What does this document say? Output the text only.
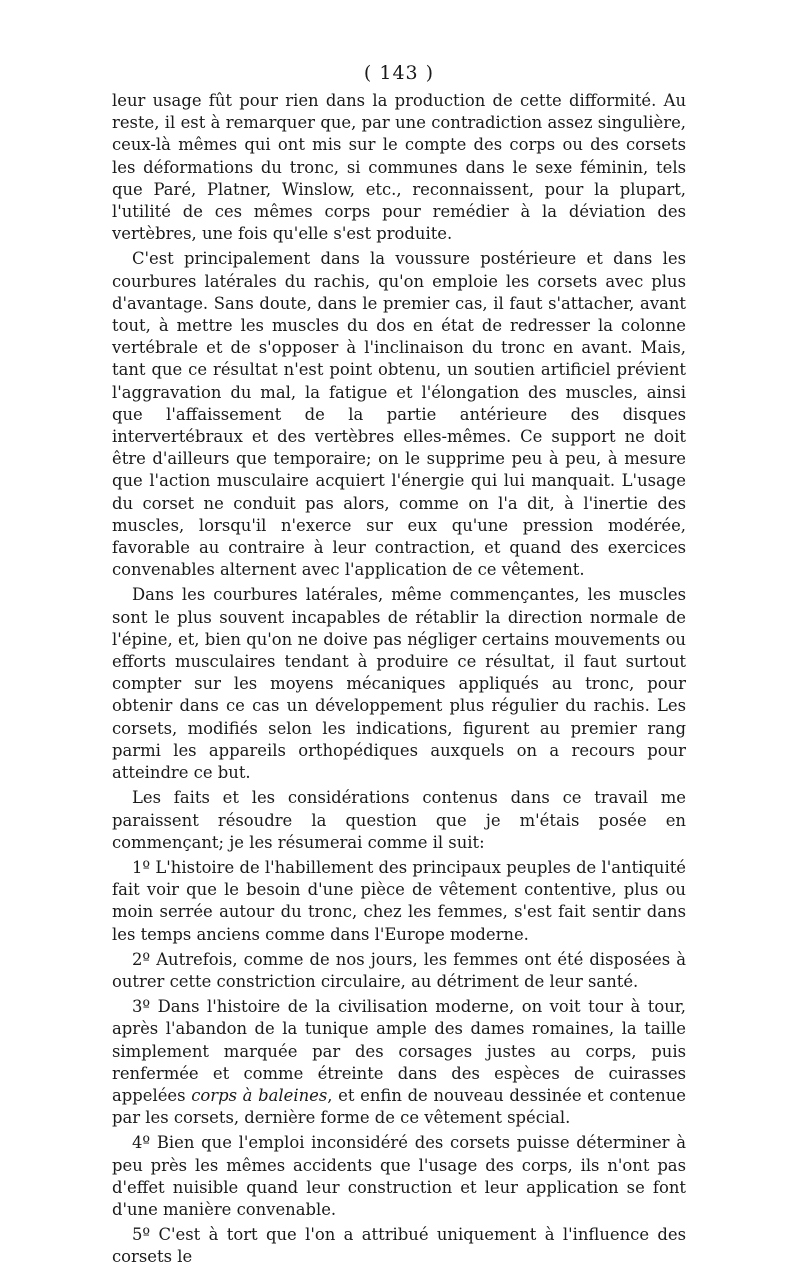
( 143 )

leur usage fût pour rien dans la production de cette difformité. Au reste, il est à remarquer que, par une contradiction assez singulière, ceux-là mêmes qui ont mis sur le compte des corps ou des corsets les déformations du tronc, si communes dans le sexe féminin, tels que Paré, Platner, Winslow, etc., reconnaissent, pour la plupart, l'utilité de ces mêmes corps pour remédier à la déviation des vertèbres, une fois qu'elle s'est produite.

C'est principalement dans la voussure postérieure et dans les courbures latérales du rachis, qu'on emploie les corsets avec plus d'avantage. Sans doute, dans le premier cas, il faut s'attacher, avant tout, à mettre les muscles du dos en état de redresser la colonne vertébrale et de s'opposer à l'inclinaison du tronc en avant. Mais, tant que ce résultat n'est point obtenu, un soutien artificiel prévient l'aggravation du mal, la fatigue et l'élongation des muscles, ainsi que l'affaissement de la partie antérieure des disques intervertébraux et des vertèbres elles-mêmes. Ce support ne doit être d'ailleurs que temporaire; on le supprime peu à peu, à mesure que l'action musculaire acquiert l'énergie qui lui manquait. L'usage du corset ne conduit pas alors, comme on l'a dit, à l'inertie des muscles, lorsqu'il n'exerce sur eux qu'une pression modérée, favorable au contraire à leur contraction, et quand des exercices convenables alternent avec l'application de ce vêtement.

Dans les courbures latérales, même commençantes, les muscles sont le plus souvent incapables de rétablir la direction normale de l'épine, et, bien qu'on ne doive pas négliger certains mouvements ou efforts musculaires tendant à produire ce résultat, il faut surtout compter sur les moyens mécaniques appliqués au tronc, pour obtenir dans ce cas un développement plus régulier du rachis. Les corsets, modifiés selon les indications, figurent au premier rang parmi les appareils orthopédiques auxquels on a recours pour atteindre ce but.

Les faits et les considérations contenus dans ce travail me paraissent résoudre la question que je m'étais posée en commençant; je les résumerai comme il suit:

1º L'histoire de l'habillement des principaux peuples de l'antiquité fait voir que le besoin d'une pièce de vêtement contentive, plus ou moin serrée autour du tronc, chez les femmes, s'est fait sentir dans les temps anciens comme dans l'Europe moderne.

2º Autrefois, comme de nos jours, les femmes ont été disposées à outrer cette constriction circulaire, au détriment de leur santé.

3º Dans l'histoire de la civilisation moderne, on voit tour à tour, après l'abandon de la tunique ample des dames romaines, la taille simplement marquée par des corsages justes au corps, puis renfermée et comme étreinte dans des espèces de cuirasses appelées corps à baleines, et enfin de nouveau dessinée et contenue par les corsets, dernière forme de ce vêtement spécial.

4º Bien que l'emploi inconsidéré des corsets puisse déterminer à peu près les mêmes accidents que l'usage des corps, ils n'ont pas d'effet nuisible quand leur construction et leur application se font d'une manière convenable.

5º C'est à tort que l'on a attribué uniquement à l'influence des corsets le
